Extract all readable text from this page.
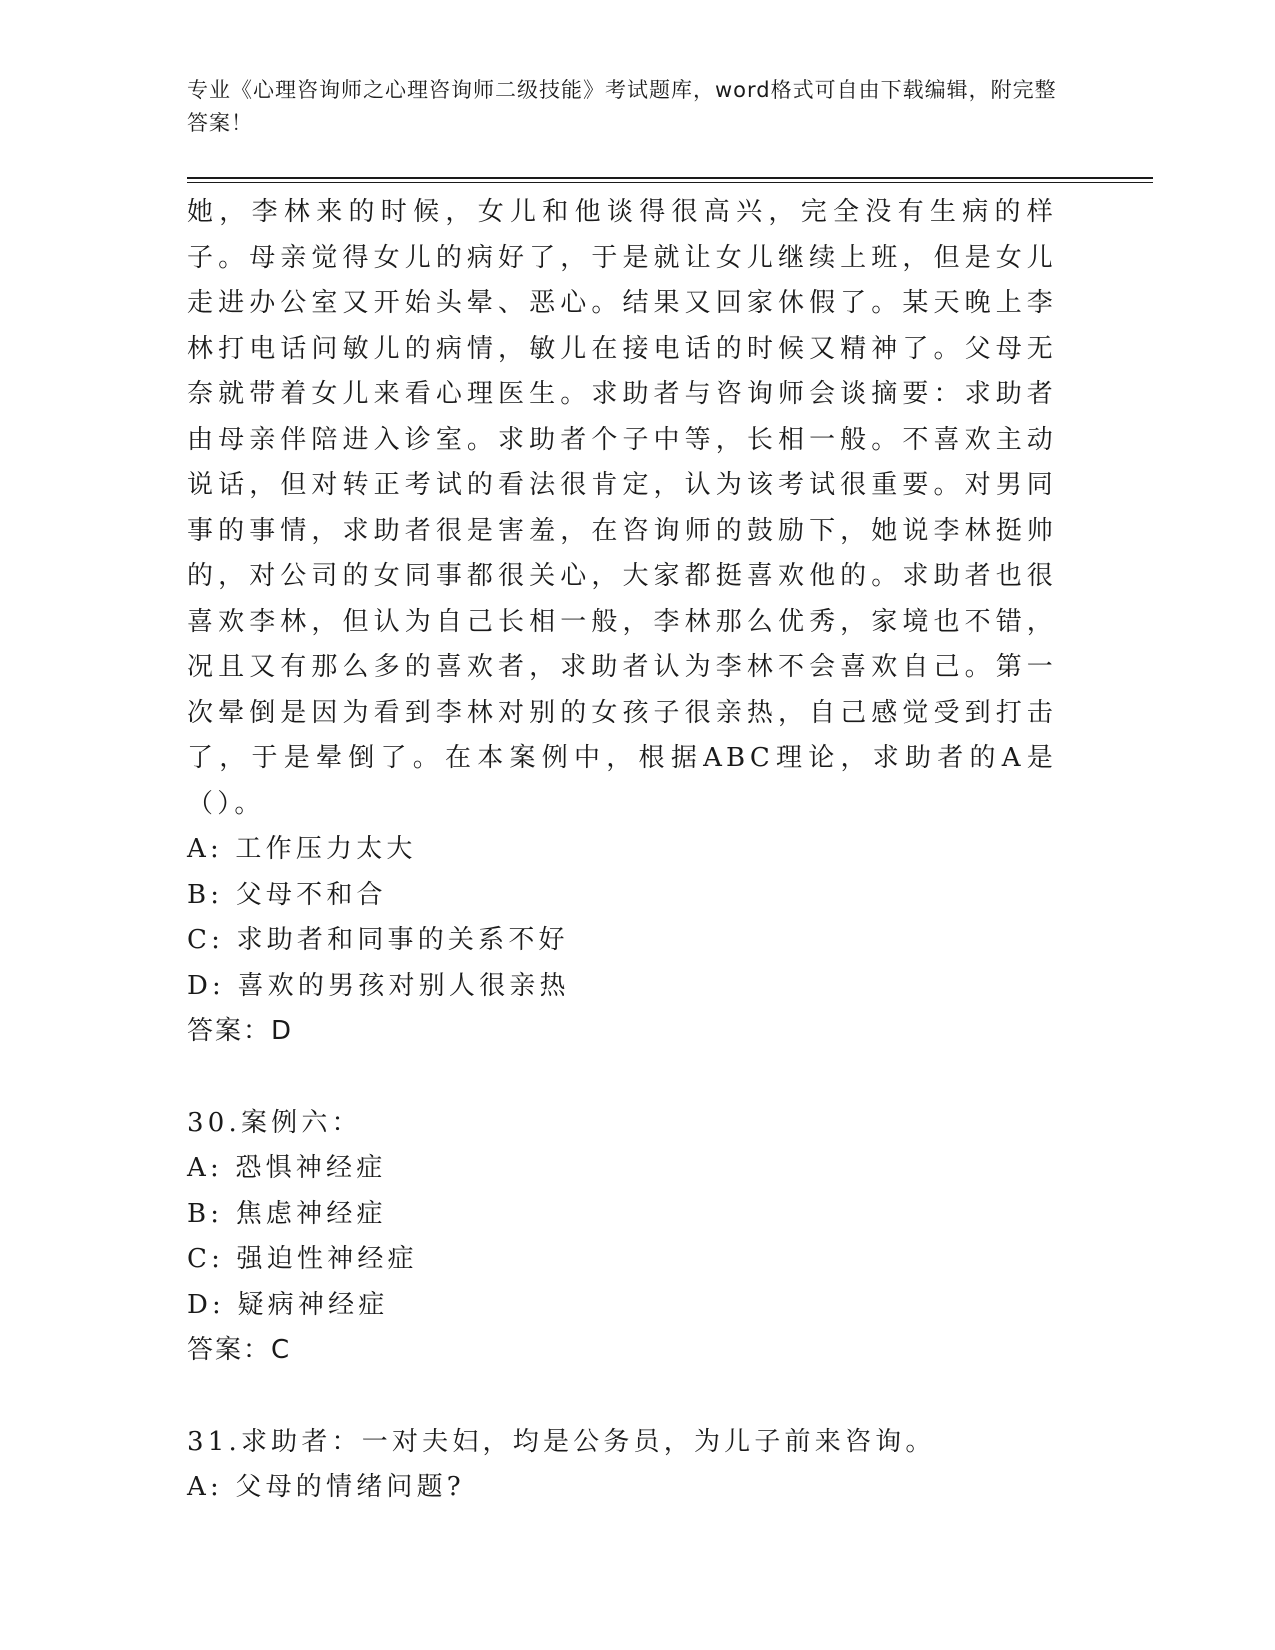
专业《心理咨询师之心理咨询师二级技能》考试题库，word格式可自由下载编辑，附完整答案！

她，李林来的时候，女儿和他谈得很高兴，完全没有生病的样子。母亲觉得女儿的病好了，于是就让女儿继续上班，但是女儿走进办公室又开始头晕、恶心。结果又回家休假了。某天晚上李林打电话问敏儿的病情，敏儿在接电话的时候又精神了。父母无奈就带着女儿来看心理医生。求助者与咨询师会谈摘要：求助者由母亲伴陪进入诊室。求助者个子中等，长相一般。不喜欢主动说话，但对转正考试的看法很肯定，认为该考试很重要。对男同事的事情，求助者很是害羞，在咨询师的鼓励下，她说李林挺帅的，对公司的女同事都很关心，大家都挺喜欢他的。求助者也很喜欢李林，但认为自己长相一般，李林那么优秀，家境也不错，况且又有那么多的喜欢者，求助者认为李林不会喜欢自己。第一次晕倒是因为看到李林对别的女孩子很亲热，自己感觉受到打击了，于是晕倒了。在本案例中，根据ABC理论，求助者的A是（）。

A: 工作压力太大

B: 父母不和合

C: 求助者和同事的关系不好

D: 喜欢的男孩对别人很亲热

答案：D

30.案例六：

A: 恐惧神经症

B: 焦虑神经症

C: 强迫性神经症

D: 疑病神经症

答案：C

31.求助者：一对夫妇，均是公务员，为儿子前来咨询。

A: 父母的情绪问题?
